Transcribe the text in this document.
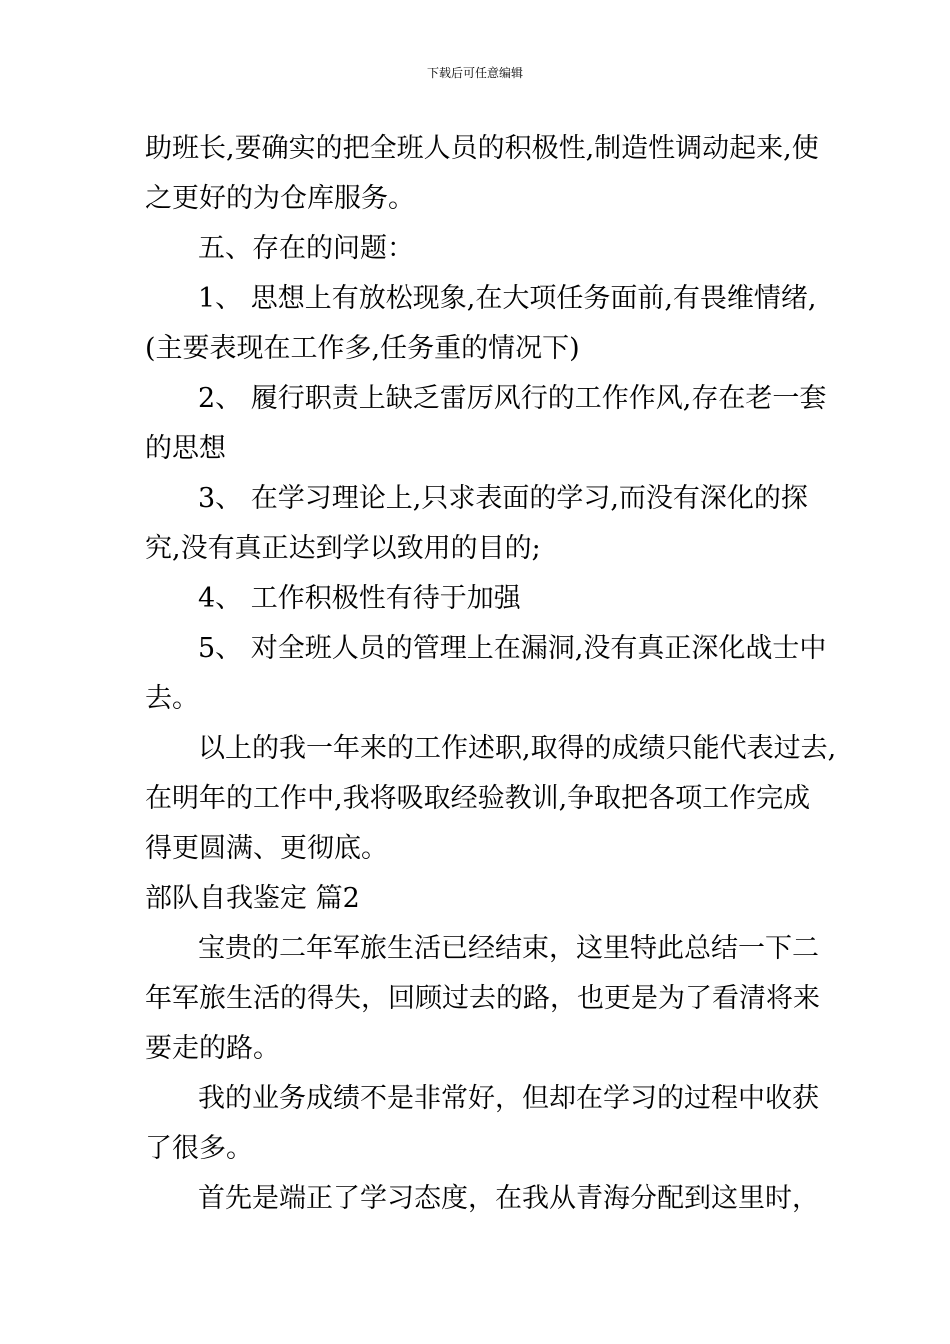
下载后可任意编辑
助班长,要确实的把全班人员的积极性,制造性调动起来,使
之更好的为仓库服务。
五、存在的问题：
1、 思想上有放松现象,在大项任务面前,有畏维情绪,
(主要表现在工作多,任务重的情况下)
2、 履行职责上缺乏雷厉风行的工作作风,存在老一套
的思想
3、 在学习理论上,只求表面的学习,而没有深化的探
究,没有真正达到学以致用的目的;
4、 工作积极性有待于加强
5、 对全班人员的管理上在漏洞,没有真正深化战士中
去。
以上的我一年来的工作述职,取得的成绩只能代表过去,
在明年的工作中,我将吸取经验教训,争取把各项工作完成
得更圆满、更彻底。
部队自我鉴定 篇2
宝贵的二年军旅生活已经结束，这里特此总结一下二
年军旅生活的得失，回顾过去的路，也更是为了看清将来
要走的路。
我的业务成绩不是非常好，但却在学习的过程中收获
了很多。
首先是端正了学习态度，在我从青海分配到这里时，
